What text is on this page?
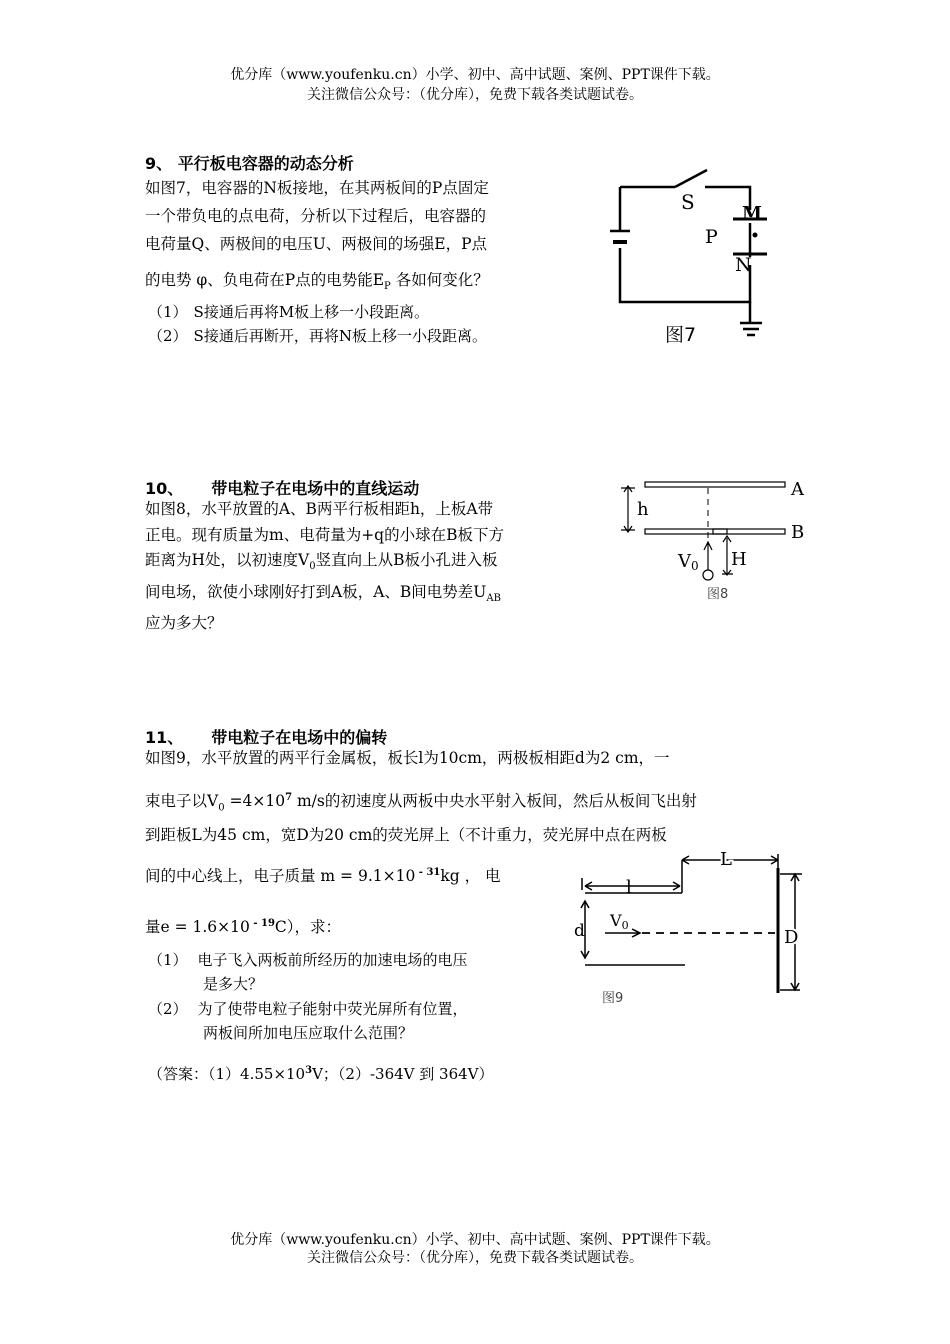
优分库（www.youfenku.cn）小学、初中、高中试题、案例、PPT课件下载。
关注微信公众号：（优分库），免费下载各类试题试卷。
9、 平行板电容器的动态分析
如图7，电容器的N板接地，在其两板间的P点固定
一个带负电的点电荷，分析以下过程后，电容器的
电荷量Q、两极间的电压U、两极间的场强E，P点
的电势 φ、负电荷在P点的电势能$E_P$ 各如何变化？
（1） S接通后再将M板上移一小段距离。
（2） S接通后再断开，再将N板上移一小段距离。
S	M
P
N
图7
10、 带电粒子在电场中的直线运动
如图8，水平放置的A、B两平行板相距h，上板A带
正电。现有质量为m、电荷量为+q的小球在B板下方
距离为H处，以初速度$V_0$竖直向上从B板小孔进入板
间电场，欲使小球刚好打到A板，A、B间电势差$U_{AB}$
应为多大？
A
B
h
H
V0
图8
11、 带电粒子在电场中的偏转
如图9，水平放置的两平行金属板，板长l为10cm，两极板相距d为2 cm，一
束电子以$V_0 =4\times 10^7$ m/s的初速度从两板中央水平射入板间，然后从板间飞出射
到距板L为45 cm，宽D为20 cm的荧光屏上（不计重力，荧光屏中点在两板
间的中心线上，电子质量 m = 9.1×10 $^{- 31}$kg ， 电
量e = 1.6×10 $^{- 19}$C），求：
（1） 电子飞入两板前所经历的加速电场的电压
是多大？
（2） 为了使带电粒子能射中荧光屏所有位置，
两板间所加电压应取什么范围？
（答案：$(1)4.55\times 10^3V$；（2）-364V 到 364V）
l
L
d	D
V0
图9
优分库（www.youfenku.cn）小学、初中、高中试题、案例、PPT课件下载。
关注微信公众号：（优分库），免费下载各类试题试卷。
